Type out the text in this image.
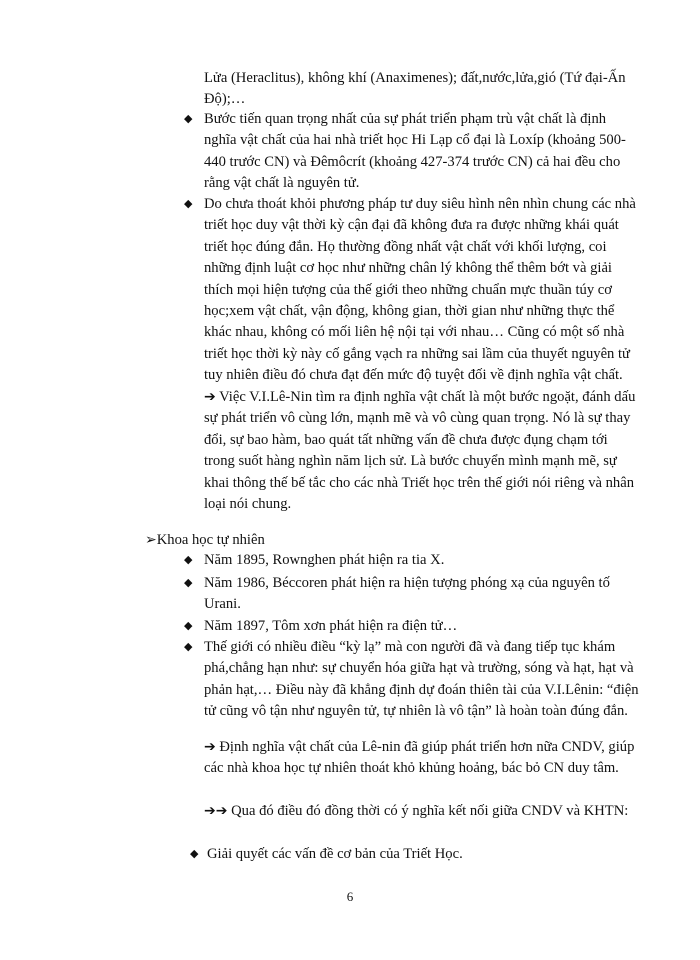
Lửa (Heraclitus), không khí (Anaximenes); đất,nước,lửa,gió (Tứ đại-Ấn Độ);…

◆ Bước tiến quan trọng nhất của sự phát triển phạm trù vật chất là định nghĩa vật chất của hai nhà triết học Hi Lạp cổ đại là Loxíp (khoảng 500-440 trước CN) và Đêmôcrít (khoảng 427-374 trước CN) cả hai đều cho rằng vật chất là nguyên tử.

◆ Do chưa thoát khỏi phương pháp tư duy siêu hình nên nhìn chung các nhà triết học duy vật thời kỳ cận đại đã không đưa ra được những khái quát triết học đúng đắn. Họ thường đồng nhất vật chất với khối lượng, coi những định luật cơ học như những chân lý không thể thêm bớt và giải thích mọi hiện tượng của thế giới theo những chuẩn mực thuần túy cơ học;xem vật chất, vận động, không gian, thời gian như những thực thể khác nhau, không có mối liên hệ nội tại với nhau… Cũng có một số nhà triết học thời kỳ này cố gắng vạch ra những sai lầm của thuyết nguyên tử tuy nhiên điều đó chưa đạt đến mức độ tuyệt đối về định nghĩa vật chất.

➔ Việc V.I.Lê-Nin tìm ra định nghĩa vật chất là một bước ngoặt, đánh dấu sự phát triển vô cùng lớn, mạnh mẽ và vô cùng quan trọng. Nó là sự thay đổi, sự bao hàm, bao quát tất những vấn đề chưa được đụng chạm tới trong suốt hàng nghìn năm lịch sử. Là bước chuyển mình mạnh mẽ, sự khai thông thế bế tắc cho các nhà Triết học trên thế giới nói riêng và nhân loại nói chung.

➢Khoa học tự nhiên

◆ Năm 1895, Rownghen phát hiện ra tia X.

◆ Năm 1986, Béccoren phát hiện ra hiện tượng phóng xạ của nguyên tố Urani.

◆ Năm 1897, Tôm xơn phát hiện ra điện tử…

◆ Thế giới có nhiều điều “kỳ lạ” mà con người đã và đang tiếp tục khám phá,chẳng hạn như: sự chuyển hóa giữa hạt và trường, sóng và hạt, hạt và phản hạt,… Điều này đã khẳng định dự đoán thiên tài của V.I.Lênin: “điện tử cũng vô tận như nguyên tử, tự nhiên là vô tận” là hoàn toàn đúng đắn.

➔ Định nghĩa vật chất của Lê-nin đã giúp phát triển hơn nữa CNDV, giúp các nhà khoa học tự nhiên thoát khỏ khủng hoảng, bác bỏ CN duy tâm.

➔➔ Qua đó điều đó đồng thời có ý nghĩa kết nối giữa CNDV và KHTN:

◆ Giải quyết các vấn đề cơ bản của Triết Học.

6
